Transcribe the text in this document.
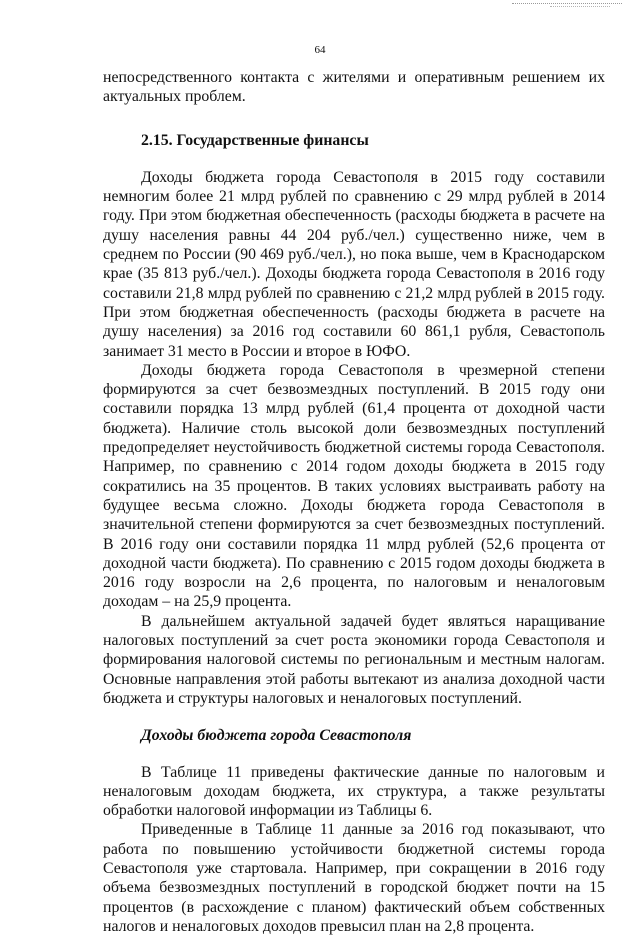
64

непосредственного контакта с жителями и оперативным решением их актуальных проблем.

2.15. Государственные финансы

Доходы бюджета города Севастополя в 2015 году составили немногим более 21 млрд рублей по сравнению с 29 млрд рублей в 2014 году. При этом бюджетная обеспеченность (расходы бюджета в расчете на душу населения равны 44 204 руб./чел.) существенно ниже, чем в среднем по России (90 469 руб./чел.), но пока выше, чем в Краснодарском крае (35 813 руб./чел.). Доходы бюджета города Севастополя в 2016 году составили 21,8 млрд рублей по сравнению с 21,2 млрд рублей в 2015 году. При этом бюджетная обеспеченность (расходы бюджета в расчете на душу населения) за 2016 год составили 60 861,1 рубля, Севастополь занимает 31 место в России и второе в ЮФО.

Доходы бюджета города Севастополя в чрезмерной степени формируются за счет безвозмездных поступлений. В 2015 году они составили порядка 13 млрд рублей (61,4 процента от доходной части бюджета). Наличие столь высокой доли безвозмездных поступлений предопределяет неустойчивость бюджетной системы города Севастополя. Например, по сравнению с 2014 годом доходы бюджета в 2015 году сократились на 35 процентов. В таких условиях выстраивать работу на будущее весьма сложно. Доходы бюджета города Севастополя в значительной степени формируются за счет безвозмездных поступлений. В 2016 году они составили порядка 11 млрд рублей (52,6 процента от доходной части бюджета). По сравнению с 2015 годом доходы бюджета в 2016 году возросли на 2,6 процента, по налоговым и неналоговым доходам – на 25,9 процента.

В дальнейшем актуальной задачей будет являться наращивание налоговых поступлений за счет роста экономики города Севастополя и формирования налоговой системы по региональным и местным налогам. Основные направления этой работы вытекают из анализа доходной части бюджета и структуры налоговых и неналоговых поступлений.

Доходы бюджета города Севастополя

В Таблице 11 приведены фактические данные по налоговым и неналоговым доходам бюджета, их структура, а также результаты обработки налоговой информации из Таблицы 6.

Приведенные в Таблице 11 данные за 2016 год показывают, что работа по повышению устойчивости бюджетной системы города Севастополя уже стартовала. Например, при сокращении в 2016 году объема безвозмездных поступлений в городской бюджет почти на 15 процентов (в расхождение с планом) фактический объем собственных налогов и неналоговых доходов превысил план на 2,8 процента.
